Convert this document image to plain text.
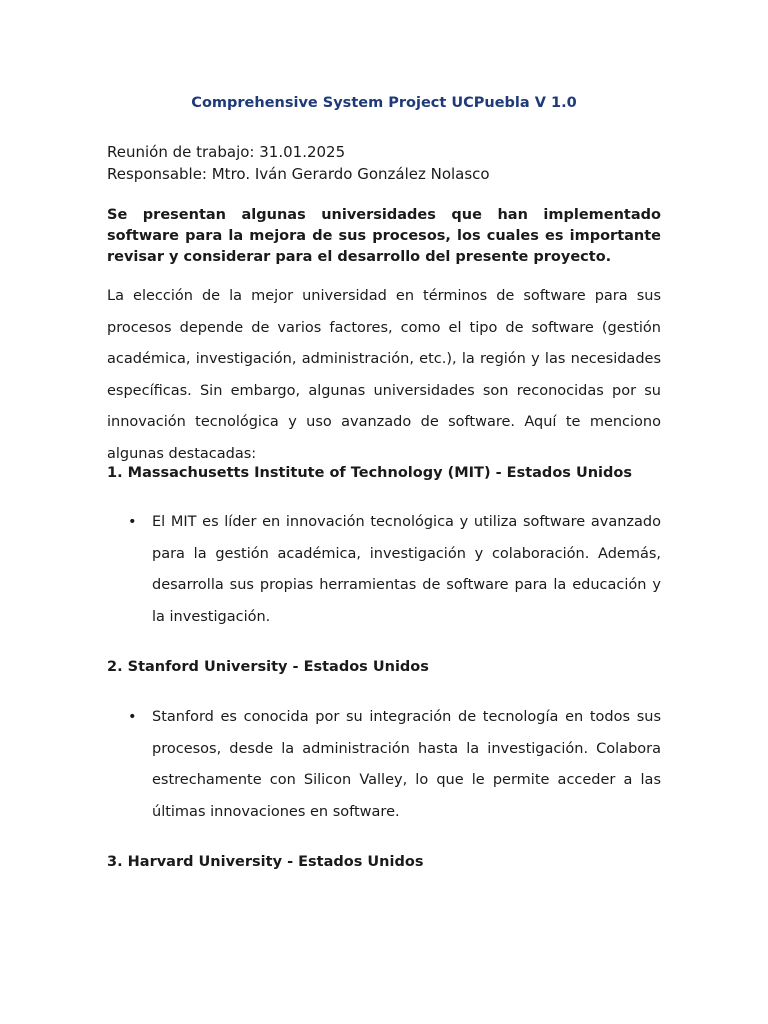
Comprehensive System Project UCPuebla V 1.0
Reunión de trabajo: 31.01.2025
Responsable: Mtro. Iván Gerardo González Nolasco
Se presentan algunas universidades que han implementado software para la mejora de sus procesos, los cuales es importante revisar y considerar para el desarrollo del presente proyecto.
La elección de la mejor universidad en términos de software para sus procesos depende de varios factores, como el tipo de software (gestión académica, investigación, administración, etc.), la región y las necesidades específicas. Sin embargo, algunas universidades son reconocidas por su innovación tecnológica y uso avanzado de software. Aquí te menciono algunas destacadas:
1. Massachusetts Institute of Technology (MIT) - Estados Unidos
• El MIT es líder en innovación tecnológica y utiliza software avanzado para la gestión académica, investigación y colaboración. Además, desarrolla sus propias herramientas de software para la educación y la investigación.
2. Stanford University - Estados Unidos
• Stanford es conocida por su integración de tecnología en todos sus procesos, desde la administración hasta la investigación. Colabora estrechamente con Silicon Valley, lo que le permite acceder a las últimas innovaciones en software.
3. Harvard University - Estados Unidos
